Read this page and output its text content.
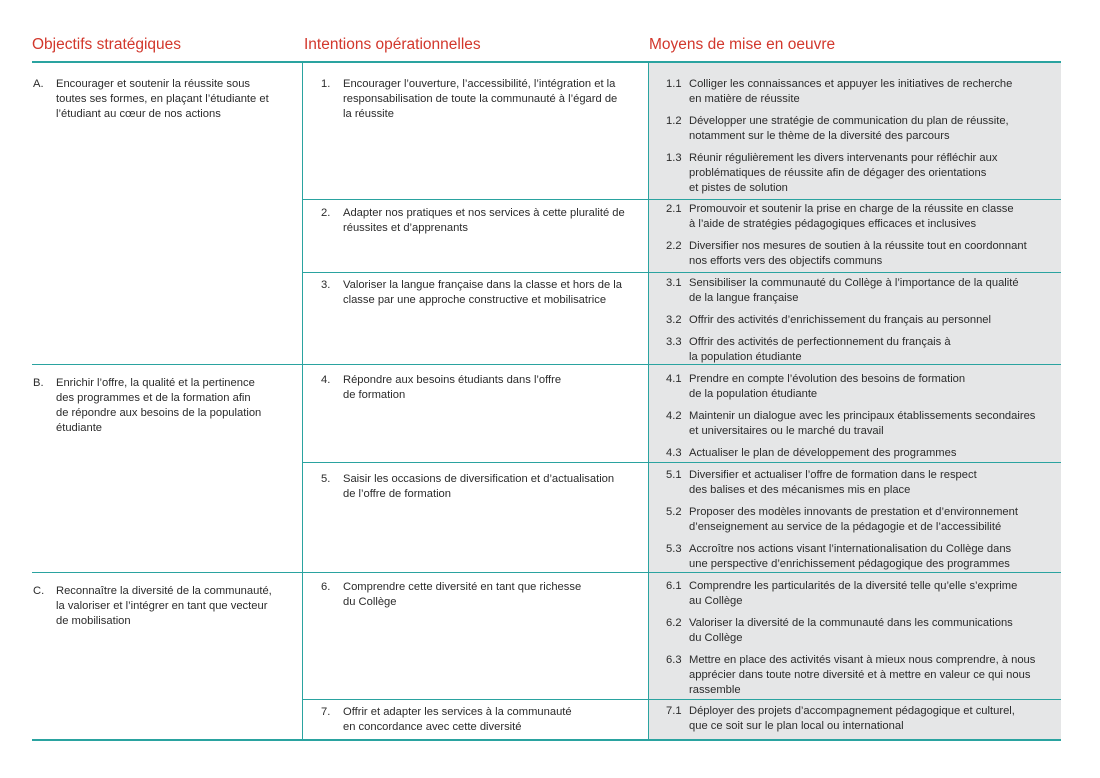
Objectifs stratégiques	Intentions opérationnelles	Moyens de mise en oeuvre
A. Encourager et soutenir la réussite sous
toutes ses formes, en plaçant l’étudiante et
l’étudiant au cœur de nos actions
B. Enrichir l’offre, la qualité et la pertinence
des programmes et de la formation afin
de répondre aux besoins de la population
étudiante
C. Reconnaître la diversité de la communauté,
la valoriser et l’intégrer en tant que vecteur
de mobilisation
1. Encourager l’ouverture, l’accessibilité, l’intégration et la
responsabilisation de toute la communauté à l’égard de
la réussite
2. Adapter nos pratiques et nos services à cette pluralité de
réussites et d’apprenants
3. Valoriser la langue française dans la classe et hors de la
classe par une approche constructive et mobilisatrice
4. Répondre aux besoins étudiants dans l’offre
de formation
5. Saisir les occasions de diversification et d’actualisation
de l’offre de formation
6. Comprendre cette diversité en tant que richesse
du Collège
7. Offrir et adapter les services à la communauté
en concordance avec cette diversité
1.1 Colliger les connaissances et appuyer les initiatives de recherche
en matière de réussite
1.2 Développer une stratégie de communication du plan de réussite,
notamment sur le thème de la diversité des parcours
1.3 Réunir régulièrement les divers intervenants pour réfléchir aux
problématiques de réussite afin de dégager des orientations
et pistes de solution
2.1 Promouvoir et soutenir la prise en charge de la réussite en classe
à l’aide de stratégies pédagogiques efficaces et inclusives
2.2 Diversifier nos mesures de soutien à la réussite tout en coordonnant
nos efforts vers des objectifs communs
3.1 Sensibiliser la communauté du Collège à l’importance de la qualité
de la langue française
3.2 Offrir des activités d’enrichissement du français au personnel
3.3 Offrir des activités de perfectionnement du français à
la population étudiante
4.1 Prendre en compte l’évolution des besoins de formation
de la population étudiante
4.2 Maintenir un dialogue avec les principaux établissements secondaires
et universitaires ou le marché du travail
4.3 Actualiser le plan de développement des programmes
5.1 Diversifier et actualiser l’offre de formation dans le respect
des balises et des mécanismes mis en place
5.2 Proposer des modèles innovants de prestation et d’environnement
d’enseignement au service de la pédagogie et de l’accessibilité
5.3 Accroître nos actions visant l’internationalisation du Collège dans
une perspective d’enrichissement pédagogique des programmes
6.1 Comprendre les particularités de la diversité telle qu’elle s’exprime
au Collège
6.2 Valoriser la diversité de la communauté dans les communications
du Collège
6.3 Mettre en place des activités visant à mieux nous comprendre, à nous
apprécier dans toute notre diversité et à mettre en valeur ce qui nous
rassemble
7.1 Déployer des projets d’accompagnement pédagogique et culturel,
que ce soit sur le plan local ou international
